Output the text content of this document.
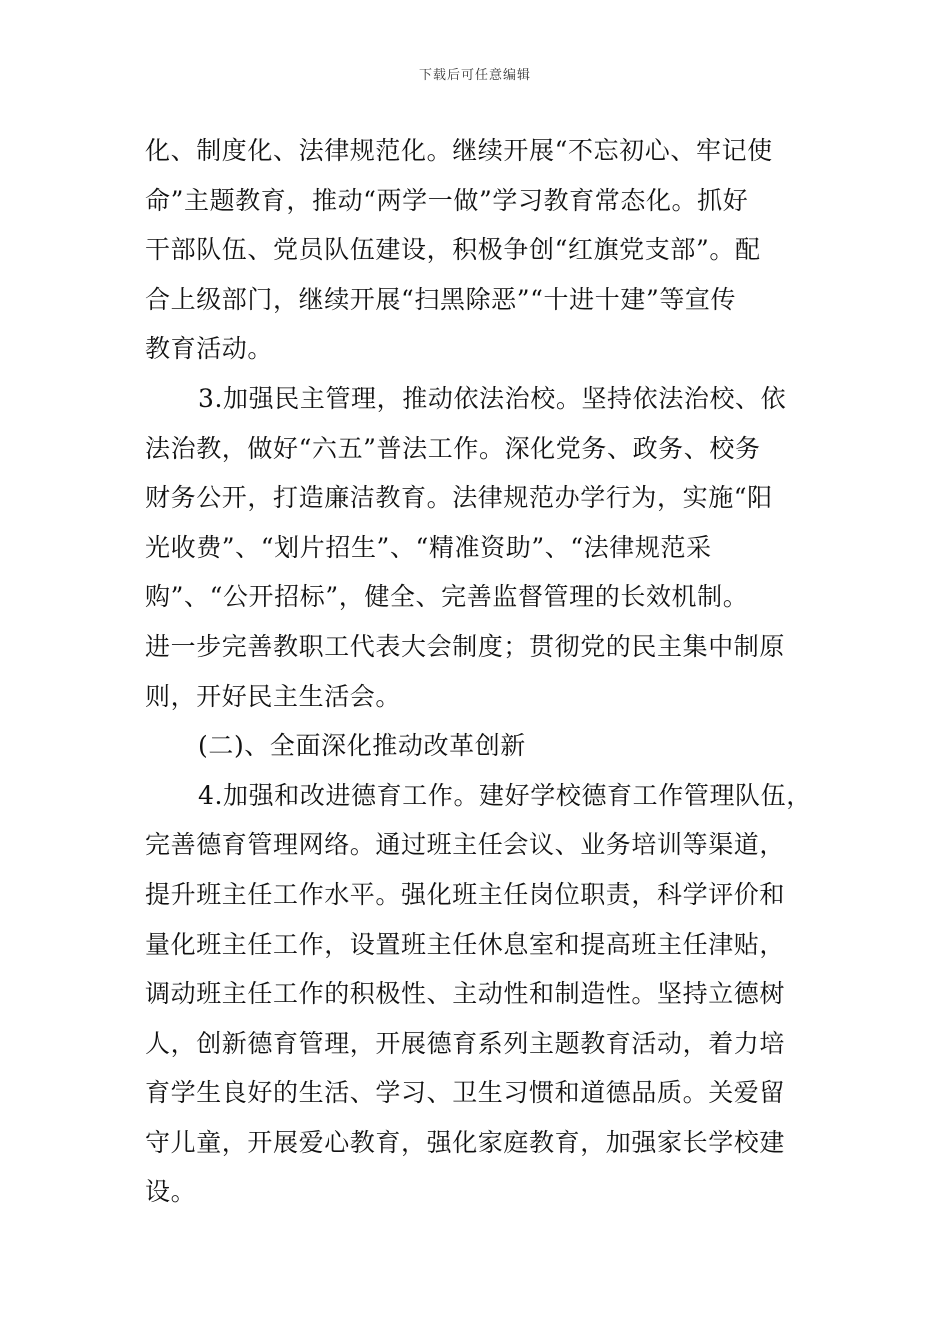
下载后可任意编辑
化、制度化、法律规范化。继续开展“不忘初心、牢记使
命”主题教育，推动“两学一做”学习教育常态化。抓好
干部队伍、党员队伍建设，积极争创“红旗党支部”。配
合上级部门，继续开展“扫黑除恶”“十进十建”等宣传
教育活动。
3.加强民主管理，推动依法治校。坚持依法治校、依
法治教，做好“六五”普法工作。深化党务、政务、校务
财务公开，打造廉洁教育。法律规范办学行为，实施“阳
光收费”、“划片招生”、“精准资助”、“法律规范采
购”、“公开招标”，健全、完善监督管理的长效机制。
进一步完善教职工代表大会制度；贯彻党的民主集中制原
则，开好民主生活会。
(二)、全面深化推动改革创新
4.加强和改进德育工作。建好学校德育工作管理队伍，
完善德育管理网络。通过班主任会议、业务培训等渠道，
提升班主任工作水平。强化班主任岗位职责，科学评价和
量化班主任工作，设置班主任休息室和提高班主任津贴，
调动班主任工作的积极性、主动性和制造性。坚持立德树
人，创新德育管理，开展德育系列主题教育活动，着力培
育学生良好的生活、学习、卫生习惯和道德品质。关爱留
守儿童，开展爱心教育，强化家庭教育，加强家长学校建
设。
